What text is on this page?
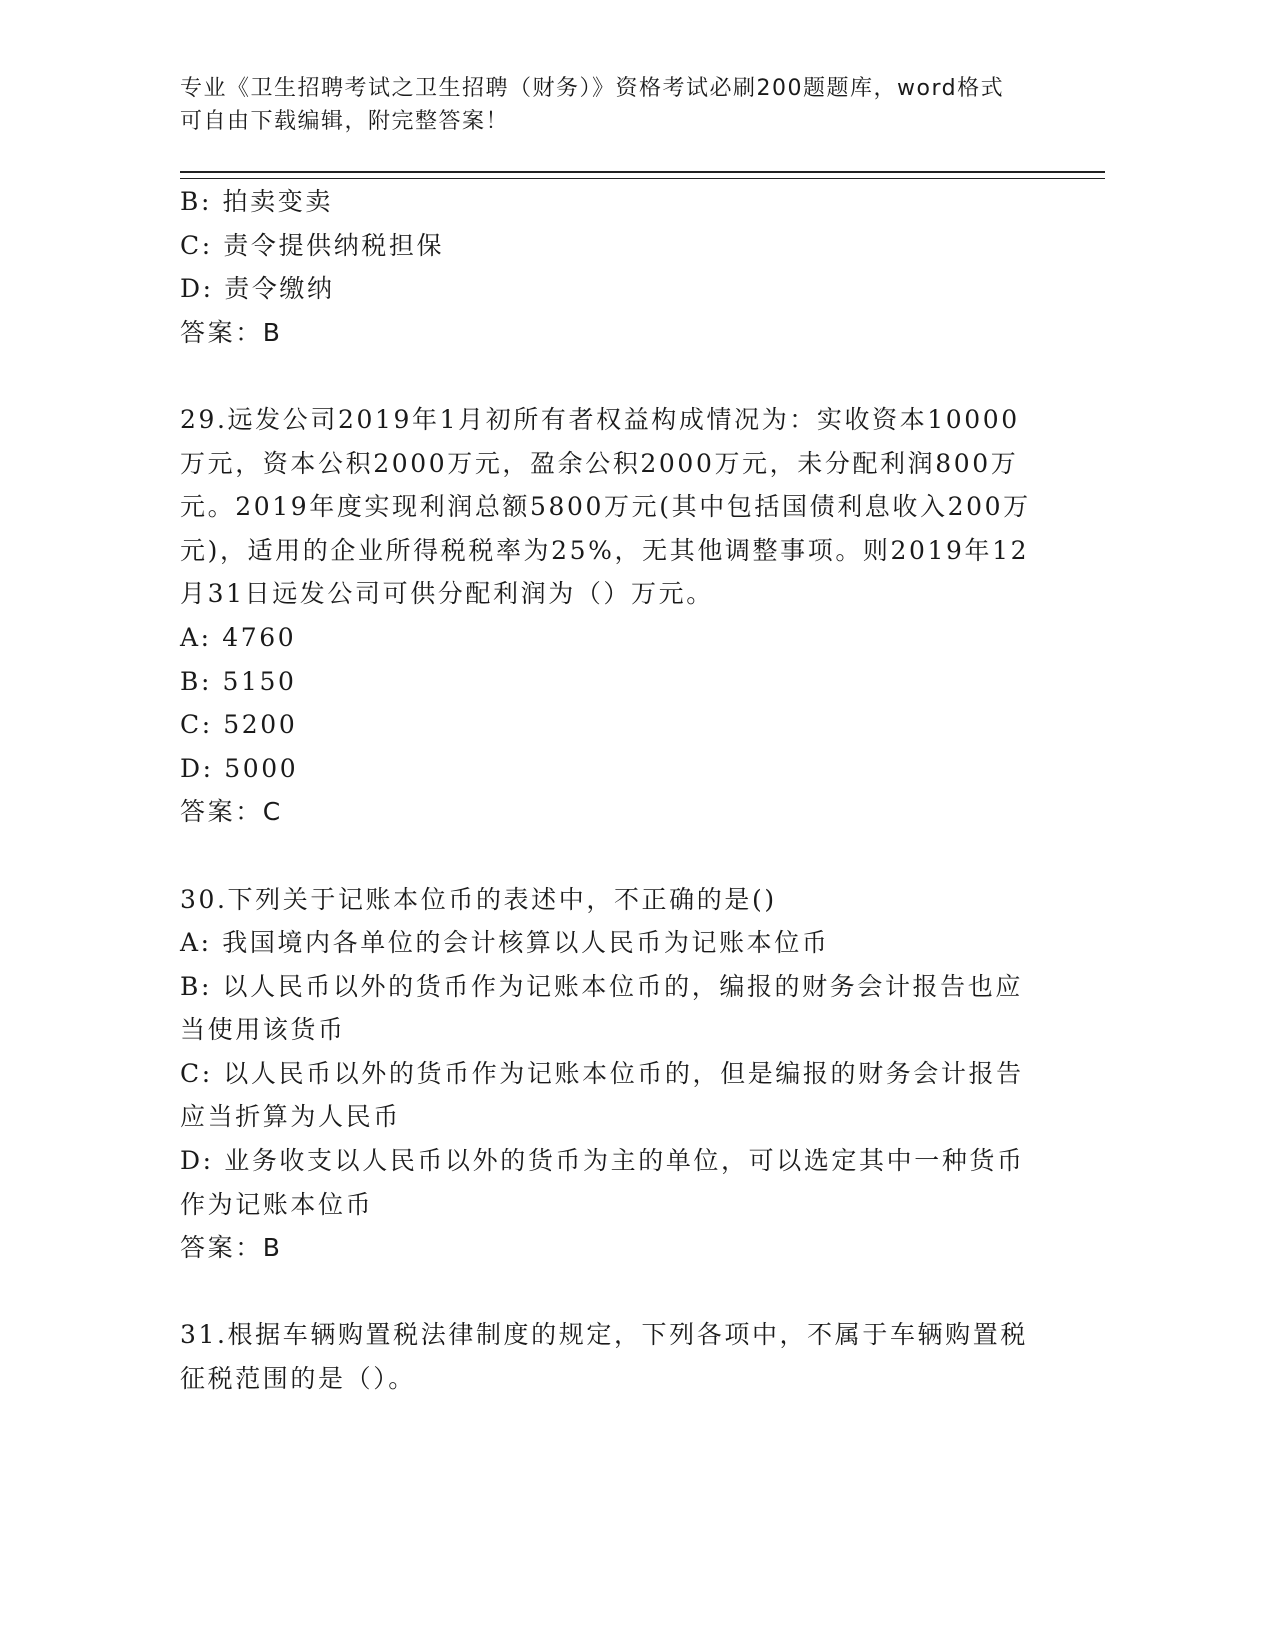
专业《卫生招聘考试之卫生招聘（财务）》资格考试必刷200题题库，word格式
可自由下载编辑，附完整答案！
B: 拍卖变卖
C: 责令提供纳税担保
D: 责令缴纳
答案：B
29.远发公司2019年1月初所有者权益构成情况为：实收资本10000
万元，资本公积2000万元，盈余公积2000万元，未分配利润800万
元。2019年度实现利润总额5800万元(其中包括国债利息收入200万
元)，适用的企业所得税税率为25%，无其他调整事项。则2019年12
月31日远发公司可供分配利润为（）万元。
A: 4760
B: 5150
C: 5200
D: 5000
答案：C
30.下列关于记账本位币的表述中，不正确的是()
A: 我国境内各单位的会计核算以人民币为记账本位币
B: 以人民币以外的货币作为记账本位币的，编报的财务会计报告也应
当使用该货币
C: 以人民币以外的货币作为记账本位币的，但是编报的财务会计报告
应当折算为人民币
D: 业务收支以人民币以外的货币为主的单位，可以选定其中一种货币
作为记账本位币
答案：B
31.根据车辆购置税法律制度的规定，下列各项中，不属于车辆购置税
征税范围的是（）。
